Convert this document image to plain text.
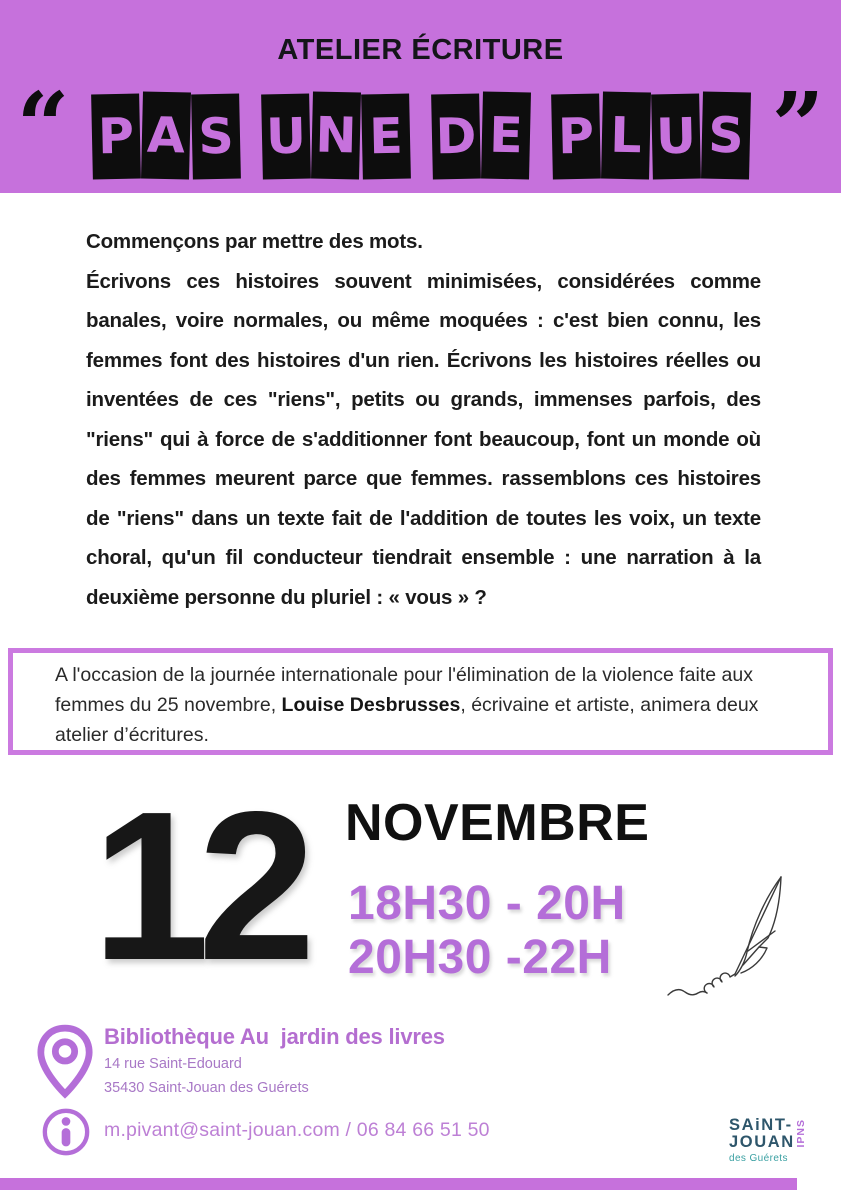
ATELIER ÉCRITURE
“ P A S U N E D E P L U S ”

Commençons par mettre des mots.

Écrivons ces histoires souvent minimisées, considérées comme banales, voire normales, ou même moquées : c'est bien connu, les femmes font des histoires d'un rien. Écrivons les histoires réelles ou inventées de ces "riens", petits ou grands, immenses parfois, des "riens" qui à force de s'additionner font beaucoup, font un monde où des femmes meurent parce que femmes. rassemblons ces histoires de "riens" dans un texte fait de l'addition de toutes les voix, un texte choral, qu'un fil conducteur tiendrait ensemble : une narration à la deuxième personne du pluriel : « vous » ?

A l'occasion de la journée internationale pour l'élimination de la violence faite aux femmes du 25 novembre, Louise Desbrusses, écrivaine et artiste, animera deux atelier d’écritures.

12 NOVEMBRE
18H30 - 20H
20H30 -22H
Bibliothèque Au  jardin des livres
14 rue Saint-Edouard
35430 Saint-Jouan des Guérets
m.pivant@saint-jouan.com / 06 84 66 51 50	SAiNT-
JOUAN
des Guérets
IPNS
